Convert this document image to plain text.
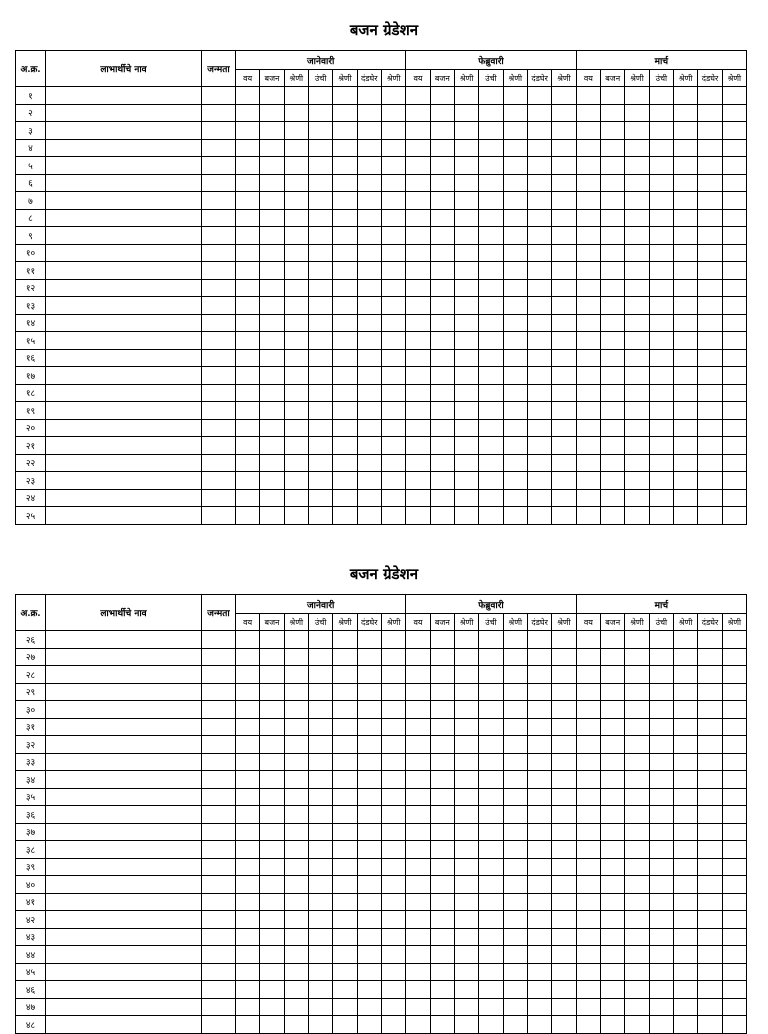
बजन ग्रेडेशन
अ.क्र.	लाभार्थीचे नाव	जन्मता	जानेवारी							फेब्रुवारी							मार्च						
			वय	बजन	श्रेणी	उंची	श्रेणी	दंडघेर	श्रेणी	वय	बजन	श्रेणी	उंची	श्रेणी	दंडघेर	श्रेणी	वय	बजन	श्रेणी	उंची	श्रेणी	दंडघेर	श्रेणी
१																							
२																							
३																							
४																							
५																							
६																							
७																							
८																							
९																							
१०																							
११																							
१२																							
१३																							
१४																							
१५																							
१६																							
१७																							
१८																							
१९																							
२०																							
२१																							
२२																							
२३																							
२४																							
२५																							
बजन ग्रेडेशन
अ.क्र.	लाभार्थीचे नाव	जन्मता	जानेवारी							फेब्रुवारी							मार्च						
			वय	बजन	श्रेणी	उंची	श्रेणी	दंडघेर	श्रेणी	वय	बजन	श्रेणी	उंची	श्रेणी	दंडघेर	श्रेणी	वय	बजन	श्रेणी	उंची	श्रेणी	दंडघेर	श्रेणी
२६																							
२७																							
२८																							
२९																							
३०																							
३१																							
३२																							
३३																							
३४																							
३५																							
३६																							
३७																							
३८																							
३९																							
४०																							
४१																							
४२																							
४३																							
४४																							
४५																							
४६																							
४७																							
४८																							
